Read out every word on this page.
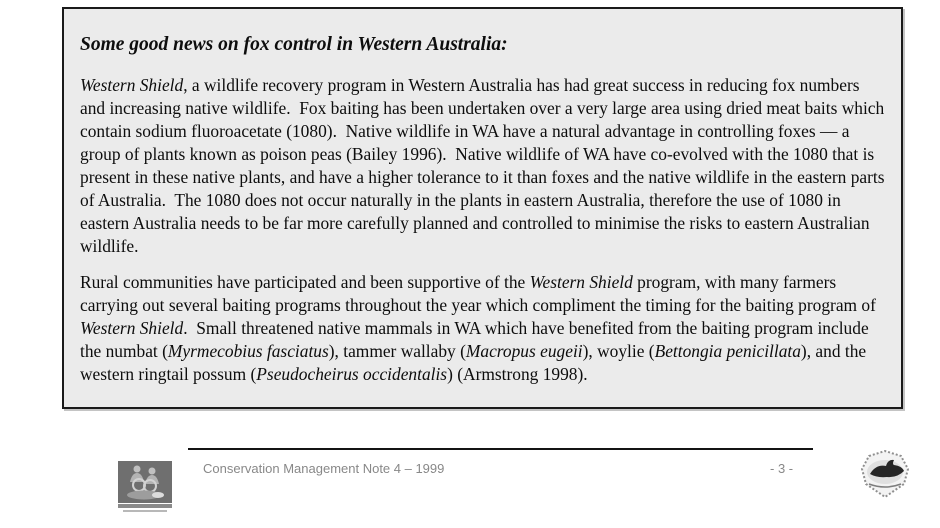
Some good news on fox control in Western Australia:

Western Shield, a wildlife recovery program in Western Australia has had great success in reducing fox numbers and increasing native wildlife.  Fox baiting has been undertaken over a very large area using dried meat baits which contain sodium fluoroacetate (1080).  Native wildlife in WA have a natural advantage in controlling foxes — a group of plants known as poison peas (Bailey 1996).  Native wildlife of WA have co-evolved with the 1080 that is present in these native plants, and have a higher tolerance to it than foxes and the native wildlife in the eastern parts of Australia.  The 1080 does not occur naturally in the plants in eastern Australia, therefore the use of 1080 in eastern Australia needs to be far more carefully planned and controlled to minimise the risks to eastern Australian wildlife.

Rural communities have participated and been supportive of the Western Shield program, with many farmers carrying out several baiting programs throughout the year which compliment the timing for the baiting program of Western Shield.  Small threatened native mammals in WA which have benefited from the baiting program include the numbat (Myrmecobius fasciatus), tammer wallaby (Macropus eugeii), woylie (Bettongia penicillata), and the western ringtail possum (Pseudocheirus occidentalis) (Armstrong 1998).

Conservation Management Note 4 – 1999	- 3 -
